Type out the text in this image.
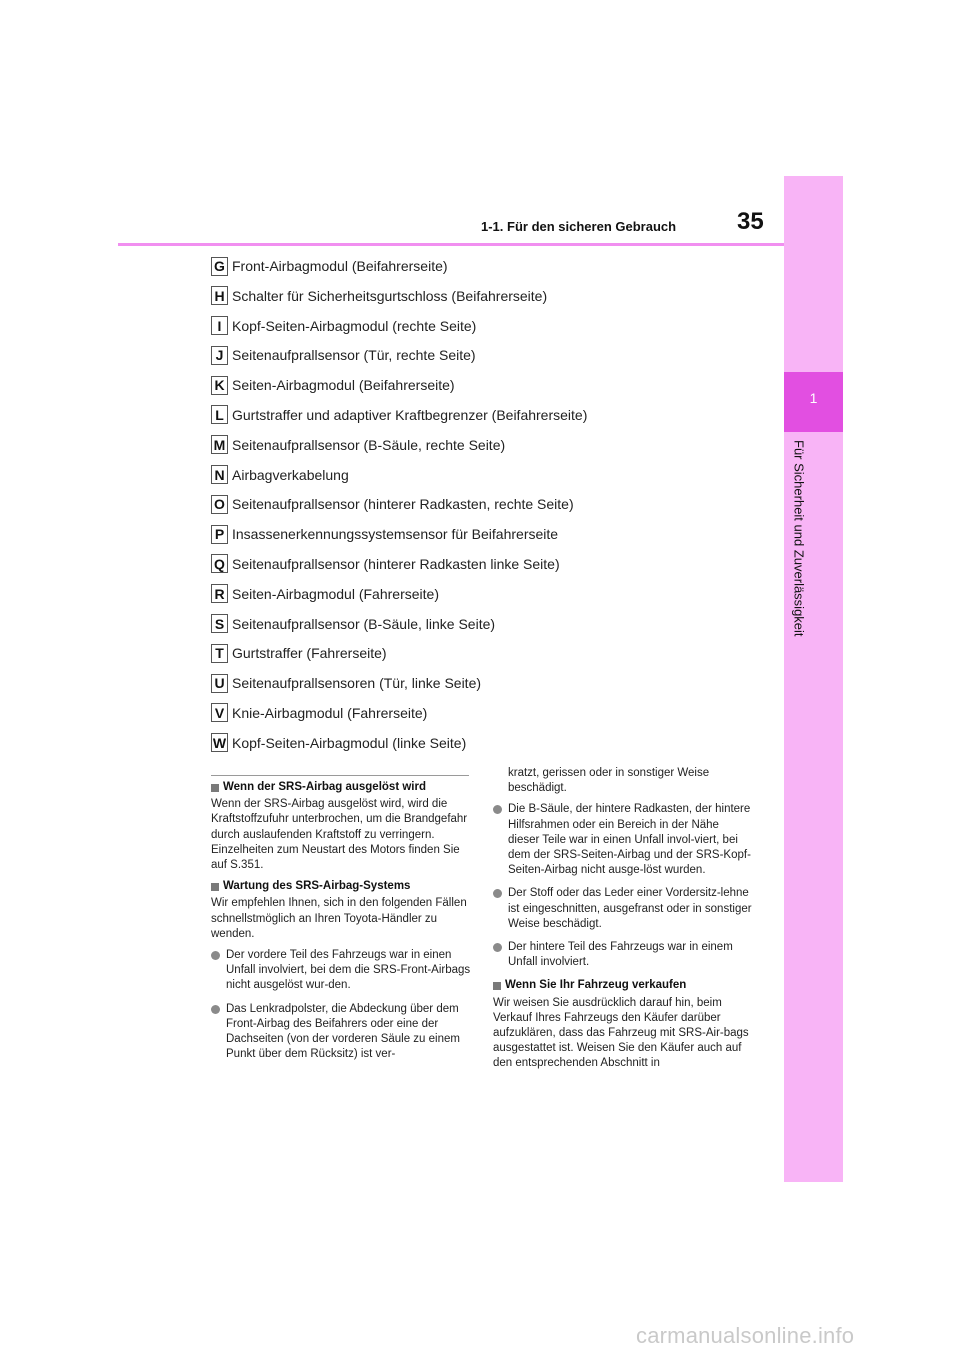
1
Für Sicherheit und Zuverlässigkeit
1-1. Für den sicheren Gebrauch	35
G Front-Airbagmodul (Beifahrerseite)
H Schalter für Sicherheitsgurtschloss (Beifahrerseite)
I Kopf-Seiten-Airbagmodul (rechte Seite)
J Seitenaufprallsensor (Tür, rechte Seite)
K Seiten-Airbagmodul (Beifahrerseite)
L Gurtstraffer und adaptiver Kraftbegrenzer (Beifahrerseite)
M Seitenaufprallsensor (B-Säule, rechte Seite)
N Airbagverkabelung
O Seitenaufprallsensor (hinterer Radkasten, rechte Seite)
P Insassenerkennungssystemsensor für Beifahrerseite
Q Seitenaufprallsensor (hinterer Radkasten linke Seite)
R Seiten-Airbagmodul (Fahrerseite)
S Seitenaufprallsensor (B-Säule, linke Seite)
T Gurtstraffer (Fahrerseite)
U Seitenaufprallsensoren (Tür, linke Seite)
V Knie-Airbagmodul (Fahrerseite)
W Kopf-Seiten-Airbagmodul (linke Seite)
Wenn der SRS-Airbag ausgelöst wird

Wenn der SRS-Airbag ausgelöst wird, wird die Kraftstoffzufuhr unterbrochen, um die Brandgefahr durch auslaufenden Kraftstoff zu verringern. Einzelheiten zum Neustart des Motors finden Sie auf S.351.

Wartung des SRS-Airbag-Systems

Wir empfehlen Ihnen, sich in den folgenden Fällen schnellstmöglich an Ihren Toyota-Händler zu wenden.

Der vordere Teil des Fahrzeugs war in einen Unfall involviert, bei dem die SRS-Front-Airbags nicht ausgelöst wur-den.
Das Lenkradpolster, die Abdeckung über dem Front-Airbag des Beifahrers oder eine der Dachseiten (von der vorderen Säule zu einem Punkt über dem Rücksitz) ist ver-

kratzt, gerissen oder in sonstiger Weise beschädigt.

Die B-Säule, der hintere Radkasten, der hintere Hilfsrahmen oder ein Bereich in der Nähe dieser Teile war in einen Unfall invol-viert, bei dem der SRS-Seiten-Airbag und der SRS-Kopf-Seiten-Airbag nicht ausge-löst wurden.
Der Stoff oder das Leder einer Vordersitz-lehne ist eingeschnitten, ausgefranst oder in sonstiger Weise beschädigt.
Der hintere Teil des Fahrzeugs war in einem Unfall involviert.
Wenn Sie Ihr Fahrzeug verkaufen

Wir weisen Sie ausdrücklich darauf hin, beim Verkauf Ihres Fahrzeugs den Käufer darüber aufzuklären, dass das Fahrzeug mit SRS-Air-bags ausgestattet ist. Weisen Sie den Käufer auch auf den entsprechenden Abschnitt in

carmanualsonline.info
